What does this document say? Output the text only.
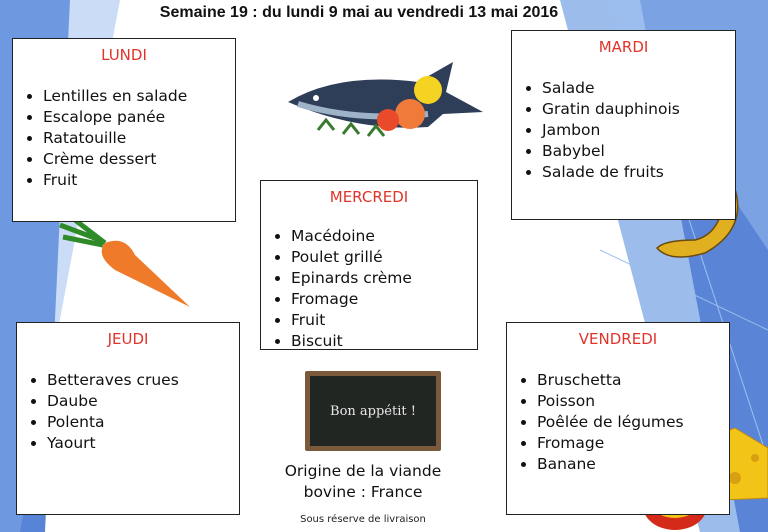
Semaine 19 : du lundi 9 mai au vendredi 13 mai 2016
LUNDI
• Lentilles en salade
• Escalope panée
• Ratatouille
• Crème dessert
• Fruit
MARDI
• Salade
• Gratin dauphinois
• Jambon
• Babybel
• Salade de fruits
MERCREDI
• Macédoine
• Poulet grillé
• Epinards crème
• Fromage
• Fruit
• Biscuit
JEUDI
• Betteraves crues
• Daube
• Polenta
• Yaourt
VENDREDI
• Bruschetta
• Poisson
• Poêlée de légumes
• Fromage
• Banane
Bon appétit !
Origine de la viande
bovine : France
Sous réserve de livraison
